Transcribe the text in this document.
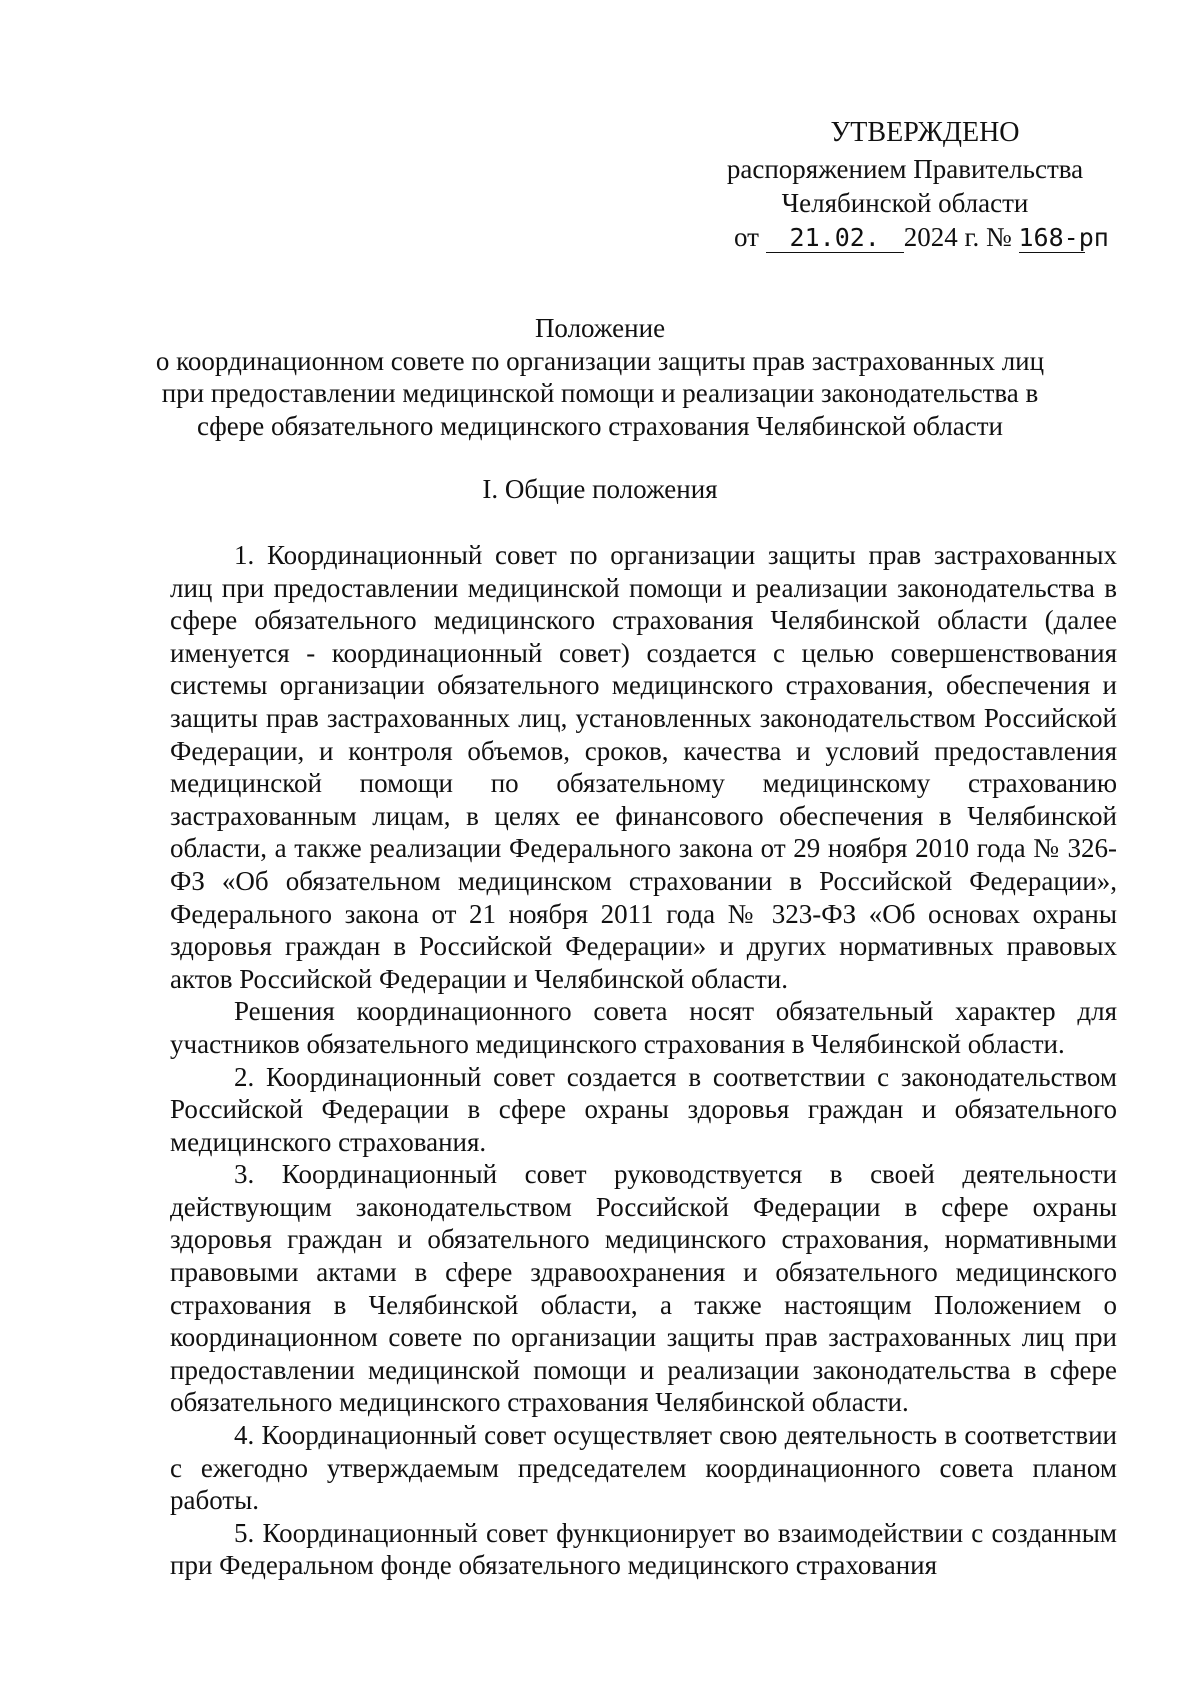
УТВЕРЖДЕНО
распоряжением Правительства
Челябинской области
от 21.02. 2024 г. № 168-рп
Положение
о координационном совете по организации защиты прав застрахованных лиц
при предоставлении медицинской помощи и реализации законодательства в
сфере обязательного медицинского страхования Челябинской области
I. Общие положения

1. Координационный совет по организации защиты прав застрахованных лиц при предоставлении медицинской помощи и реализации законодательства в сфере обязательного медицинского страхования Челябинской области (далее именуется - координационный совет) создается с целью совершенствования системы организации обязательного медицинского страхования, обеспечения и защиты прав застрахованных лиц, установленных законодательством Российской Федерации, и контроля объемов, сроков, качества и условий предоставления медицинской помощи по обязательному медицинскому страхованию застрахованным лицам, в целях ее финансового обеспечения в Челябинской области, а также реализации Федерального закона от 29 ноября 2010 года № 326-ФЗ «Об обязательном медицинском страховании в Российской Федерации», Федерального закона от 21 ноября 2011 года № 323-ФЗ «Об основах охраны здоровья граждан в Российской Федерации» и других нормативных правовых актов Российской Федерации и Челябинской области.

Решения координационного совета носят обязательный характер для участников обязательного медицинского страхования в Челябинской области.

2. Координационный совет создается в соответствии с законодательством Российской Федерации в сфере охраны здоровья граждан и обязательного медицинского страхования.

3. Координационный совет руководствуется в своей деятельности действующим законодательством Российской Федерации в сфере охраны здоровья граждан и обязательного медицинского страхования, нормативными правовыми актами в сфере здравоохранения и обязательного медицинского страхования в Челябинской области, а также настоящим Положением о координационном совете по организации защиты прав застрахованных лиц при предоставлении медицинской помощи и реализации законодательства в сфере обязательного медицинского страхования Челябинской области.

4. Координационный совет осуществляет свою деятельность в соответствии с ежегодно утверждаемым председателем координационного совета планом работы.

5. Координационный совет функционирует во взаимодействии с созданным при Федеральном фонде обязательного медицинского страхования
